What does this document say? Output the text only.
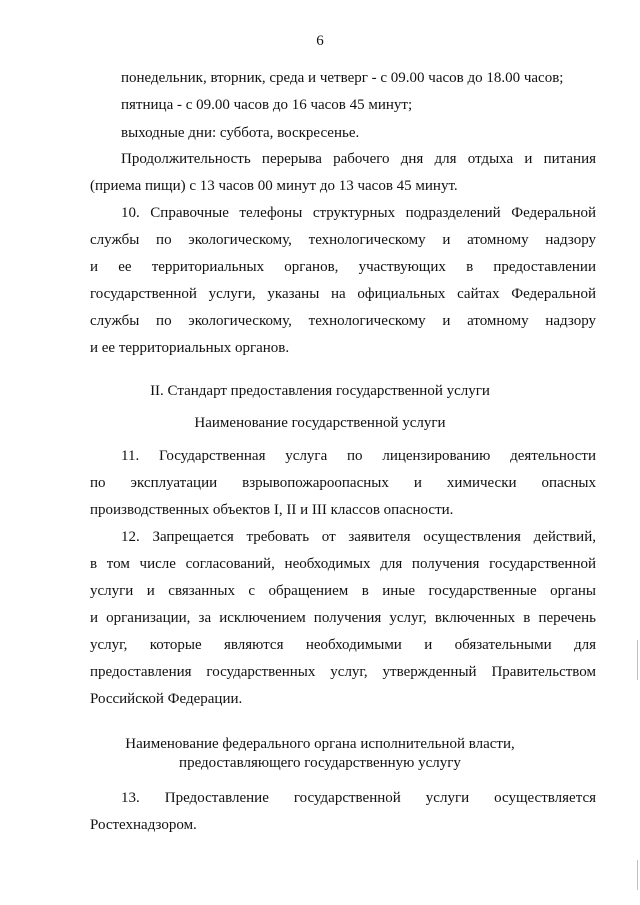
6
понедельник, вторник, среда и четверг - с 09.00 часов до 18.00 часов;
пятница - с 09.00 часов до 16 часов 45 минут;
выходные дни: суббота, воскресенье.
Продолжительность перерыва рабочего дня для отдыха и питания
(приема пищи) с 13 часов 00 минут до 13 часов 45 минут.
10. Справочные телефоны структурных подразделений Федеральной
службы по экологическому, технологическому и атомному надзору
и ее территориальных органов, участвующих в предоставлении
государственной услуги, указаны на официальных сайтах Федеральной
службы по экологическому, технологическому и атомному надзору
и ее территориальных органов.
II. Стандарт предоставления государственной услуги
Наименование государственной услуги
11. Государственная услуга по лицензированию деятельности
по эксплуатации взрывопожароопасных и химически опасных
производственных объектов I, II и III классов опасности.
12. Запрещается требовать от заявителя осуществления действий,
в том числе согласований, необходимых для получения государственной
услуги и связанных с обращением в иные государственные органы
и организации, за исключением получения услуг, включенных в перечень
услуг, которые являются необходимыми и обязательными для
предоставления государственных услуг, утвержденный Правительством
Российской Федерации.
Наименование федерального органа исполнительной власти,
предоставляющего государственную услугу
13. Предоставление государственной услуги осуществляется
Ростехнадзором.
